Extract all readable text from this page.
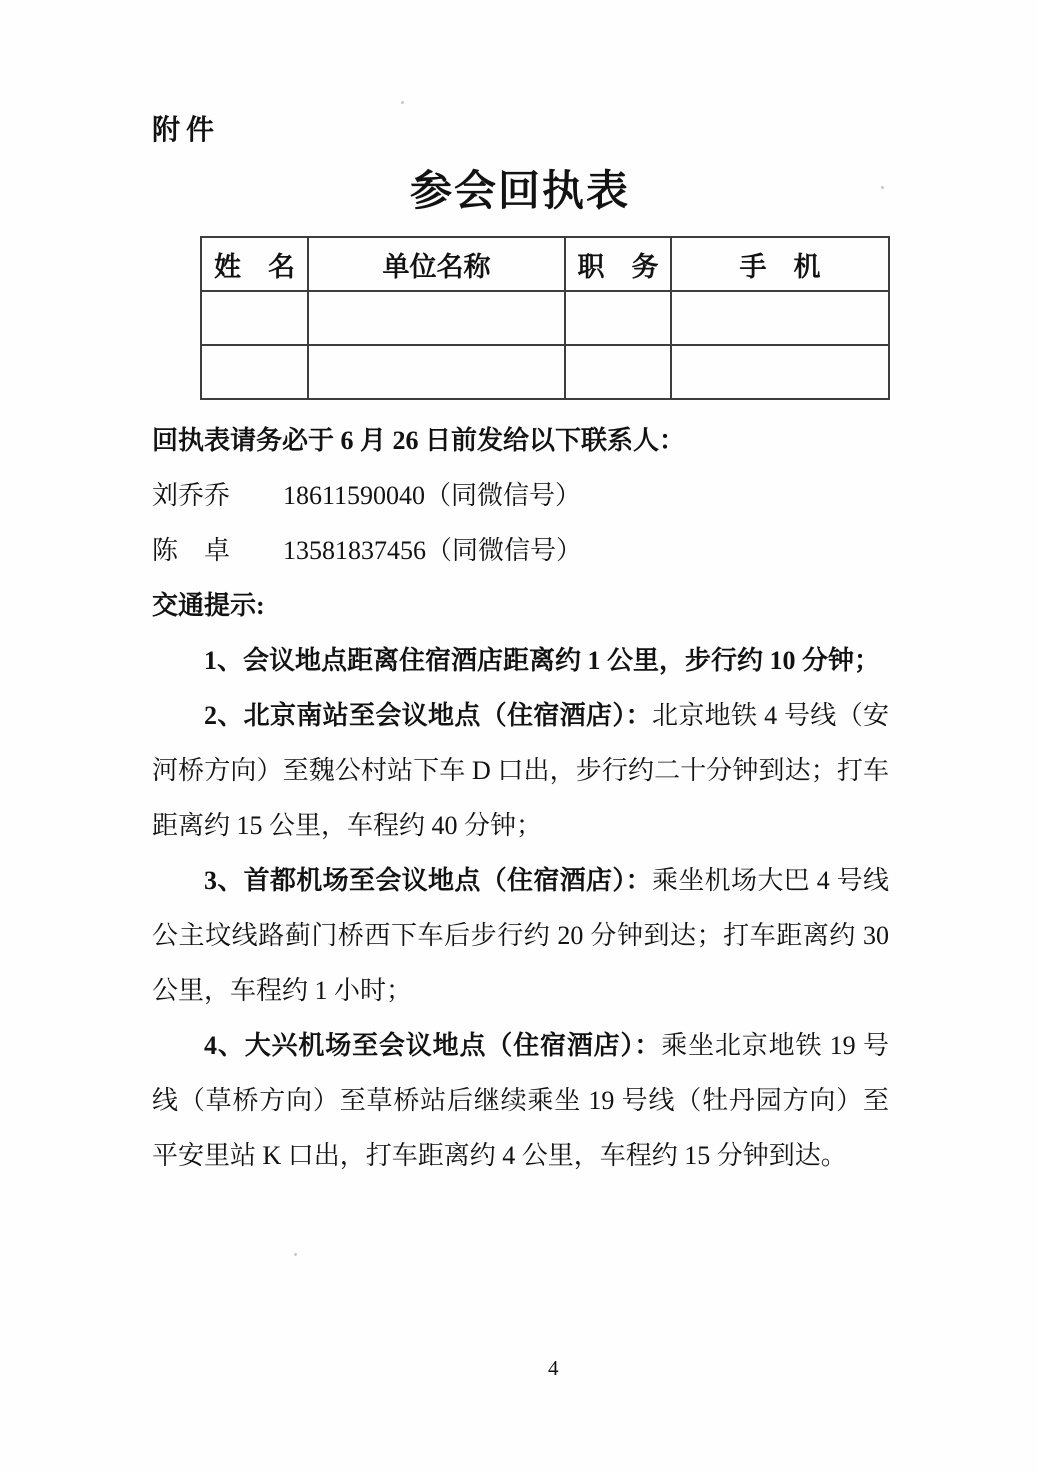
附件
参会回执表
姓　名	单位名称	职　务	手　机

回执表请务必于 6 月 26 日前发给以下联系人：

刘乔乔	18611590040（同微信号）
陈　卓	13581837456（同微信号）

交通提示:

1、会议地点距离住宿酒店距离约 1 公里，步行约 10 分钟；

2、北京南站至会议地点（住宿酒店）：北京地铁 4 号线（安河桥方向）至魏公村站下车 D 口出，步行约二十分钟到达；打车距离约 15 公里，车程约 40 分钟；

3、首都机场至会议地点（住宿酒店）：乘坐机场大巴 4 号线公主坟线路蓟门桥西下车后步行约 20 分钟到达；打车距离约 30 公里，车程约 1 小时；

4、大兴机场至会议地点（住宿酒店）：乘坐北京地铁 19 号线（草桥方向）至草桥站后继续乘坐 19 号线（牡丹园方向）至平安里站 K 口出，打车距离约 4 公里，车程约 15 分钟到达。

4
